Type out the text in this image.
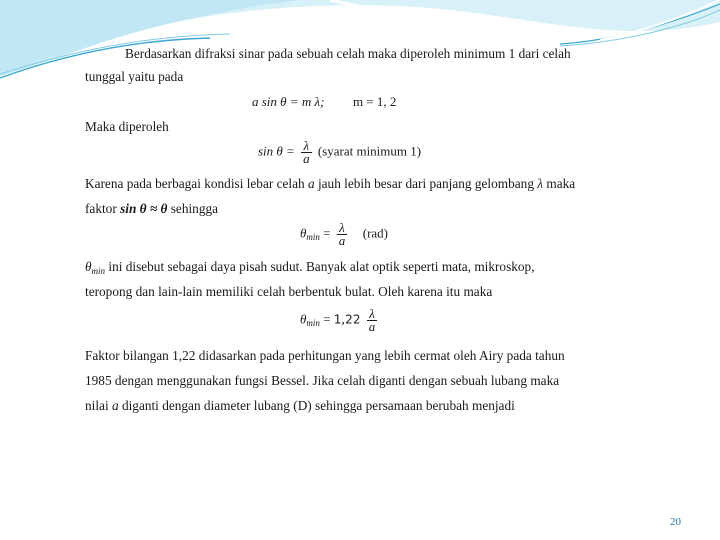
Berdasarkan difraksi sinar pada sebuah celah maka diperoleh minimum 1 dari celah
tunggal yaitu pada
a sin θ = m λ; m = 1, 2
Maka diperoleh
$\sin \theta = \frac{\lambda}{a}$ (syarat minimum 1)
Karena pada berbagai kondisi lebar celah a jauh lebih besar dari panjang gelombang λ maka
faktor sin θ ≈ θ sehingga
$\theta_{min} = \frac{\lambda}{a} (rad)$
$\theta_{min}$ ini disebut sebagai daya pisah sudut. Banyak alat optik seperti mata, mikroskop,
teropong dan lain-lain memiliki celah berbentuk bulat. Oleh karena itu maka
$\theta_{min} = 1,22 \frac{\lambda}{a}$
Faktor bilangan 1,22 didasarkan pada perhitungan yang lebih cermat oleh Airy pada tahun
1985 dengan menggunakan fungsi Bessel. Jika celah diganti dengan sebuah lubang maka
nilai a diganti dengan diameter lubang (D) sehingga persamaan berubah menjadi
20
